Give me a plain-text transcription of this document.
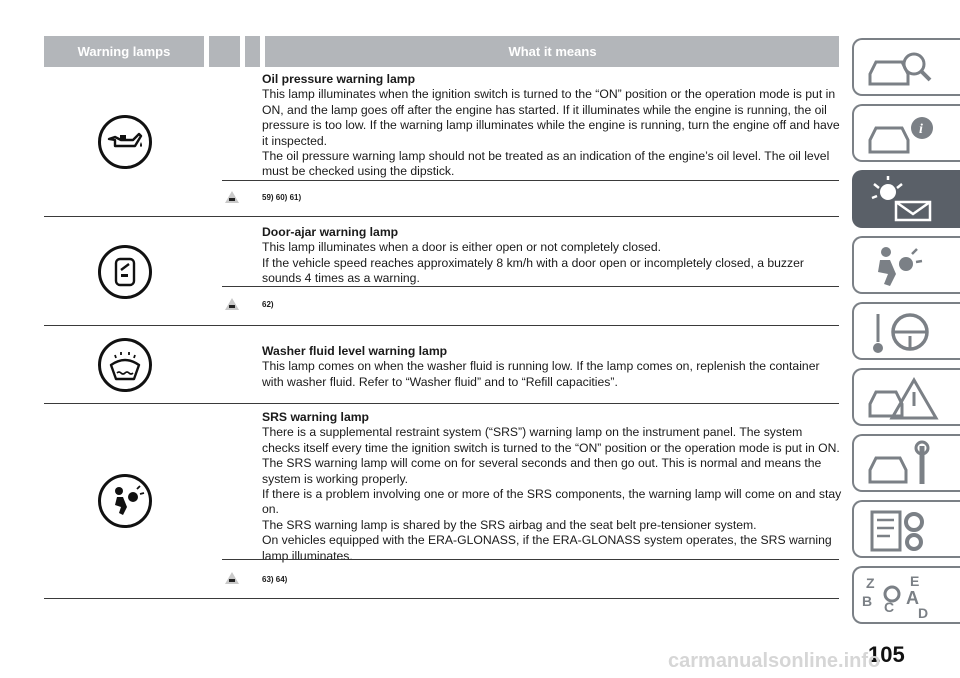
Warning lamps	What it means
Oil pressure warning lamp

This lamp illuminates when the ignition switch is turned to the “ON” position or the operation mode is put in ON, and the lamp goes off after the engine has started. If it illuminates while the engine is running, the oil pressure is too low. If the warning lamp illuminates while the engine is running, turn the engine off and have it inspected.

The oil pressure warning lamp should not be treated as an indication of the engine’s oil level. The oil level must be checked using the dipstick.

59) 60) 61)
Door-ajar warning lamp

This lamp illuminates when a door is either open or not completely closed.

If the vehicle speed reaches approximately 8 km/h with a door open or incompletely closed, a buzzer sounds 4 times as a warning.

62)
Washer fluid level warning lamp

This lamp comes on when the washer fluid is running low. If the lamp comes on, replenish the container with washer fluid. Refer to “Washer fluid” and to “Refill capacities”.

SRS warning lamp

There is a supplemental restraint system (“SRS”) warning lamp on the instrument panel. The system checks itself every time the ignition switch is turned to the “ON” position or the operation mode is put in ON. The SRS warning lamp will come on for several seconds and then go out. This is normal and means the system is working properly.

If there is a problem involving one or more of the SRS components, the warning lamp will come on and stay on.

The SRS warning lamp is shared by the SRS airbag and the seat belt pre-tensioner system.

On vehicles equipped with the ERA-GLONASS, if the ERA-GLONASS system operates, the SRS warning lamp illuminates.

63) 64)
i
Z	E
B A
C D
105
carmanualsonline.info
